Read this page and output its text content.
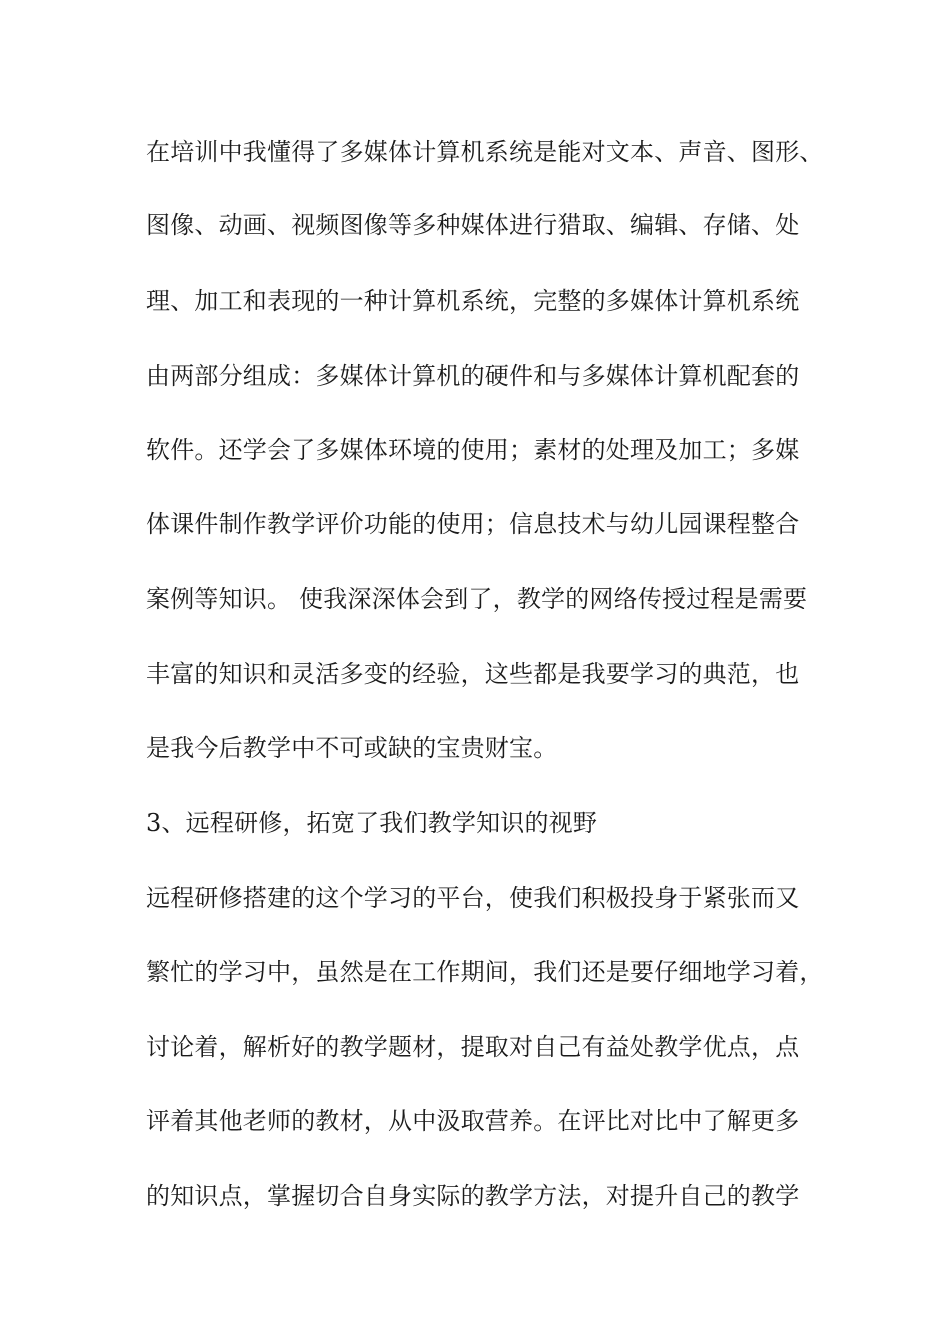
在培训中我懂得了多媒体计算机系统是能对文本、声音、图形、
图像、动画、视频图像等多种媒体进行猎取、编辑、存储、处
理、加工和表现的一种计算机系统，完整的多媒体计算机系统
由两部分组成：多媒体计算机的硬件和与多媒体计算机配套的
软件。还学会了多媒体环境的使用；素材的处理及加工；多媒
体课件制作教学评价功能的使用；信息技术与幼儿园课程整合
案例等知识。 使我深深体会到了，教学的网络传授过程是需要
丰富的知识和灵活多变的经验，这些都是我要学习的典范，也
是我今后教学中不可或缺的宝贵财宝。
3、远程研修，拓宽了我们教学知识的视野
远程研修搭建的这个学习的平台，使我们积极投身于紧张而又
繁忙的学习中，虽然是在工作期间，我们还是要仔细地学习着，
讨论着，解析好的教学题材，提取对自己有益处教学优点，点
评着其他老师的教材，从中汲取营养。在评比对比中了解更多
的知识点，掌握切合自身实际的教学方法，对提升自己的教学
